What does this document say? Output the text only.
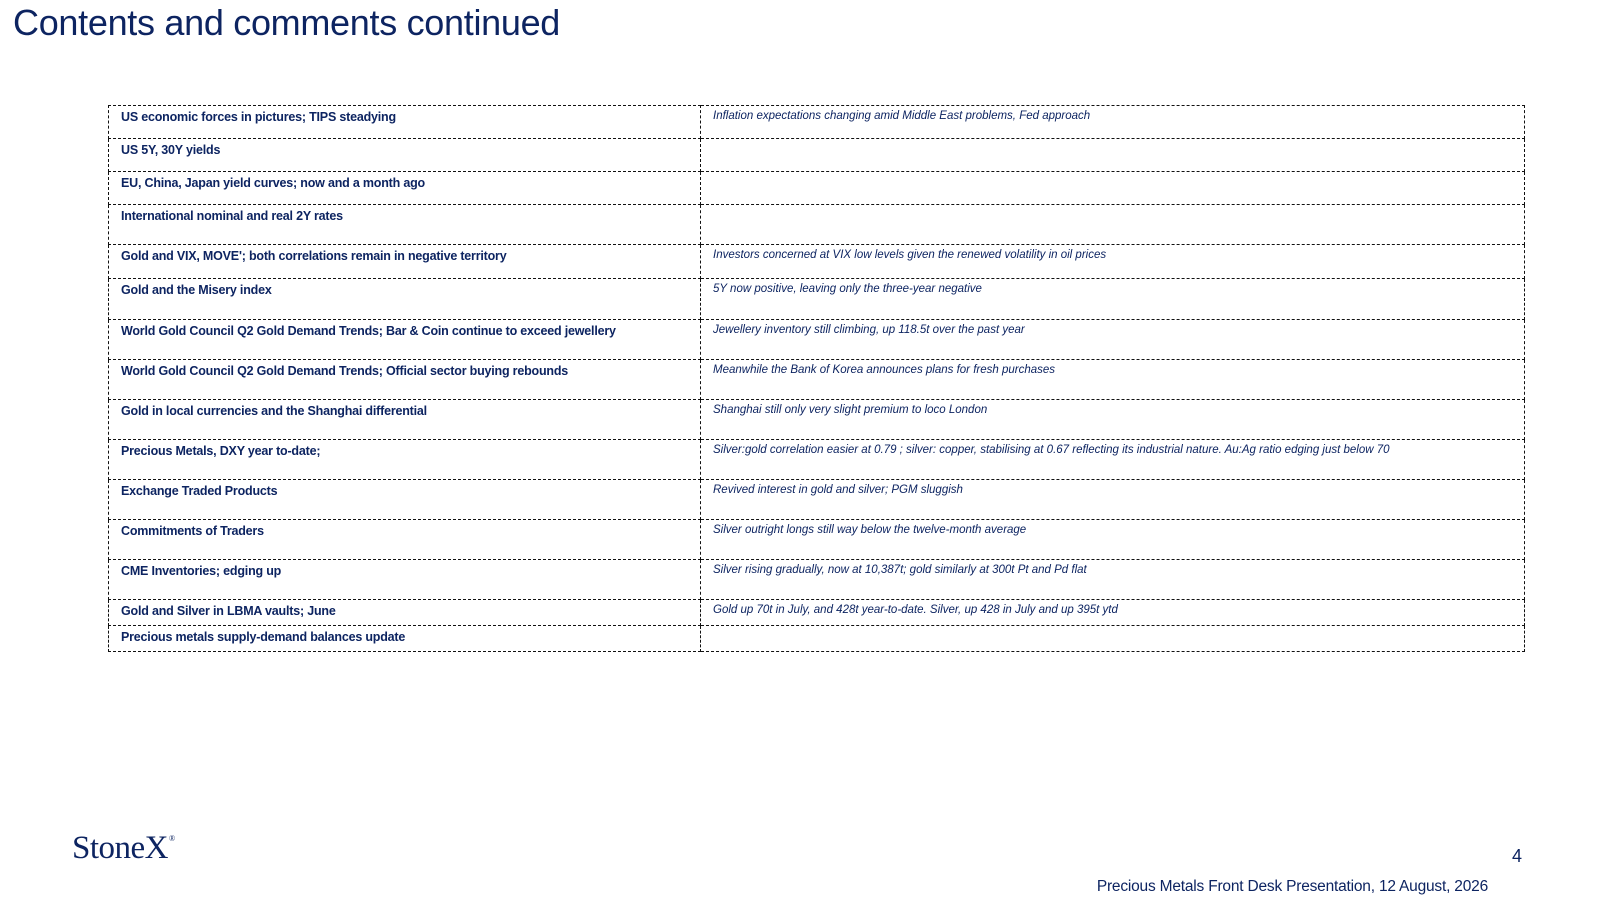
Contents and comments continued
US economic forces in pictures; TIPS steadying	Inflation expectations changing amid Middle East problems, Fed approach
US 5Y, 30Y yields	
EU, China, Japan yield curves; now and a month ago	
International nominal and real 2Y rates	
Gold and VIX, MOVE'; both correlations remain in negative territory	Investors concerned at VIX low levels given the renewed volatility in oil prices
Gold and the Misery index	5Y now positive, leaving only the three-year negative
World Gold Council Q2 Gold Demand Trends; Bar & Coin continue to exceed jewellery	Jewellery inventory still climbing, up 118.5t over the past year
World Gold Council Q2 Gold Demand Trends; Official sector buying rebounds	Meanwhile the Bank of Korea announces plans for fresh purchases
Gold in local currencies and the Shanghai differential	Shanghai still only very slight premium to loco London
Precious Metals, DXY year to-date;	Silver:gold correlation easier at 0.79 ; silver: copper, stabilising at 0.67 reflecting its industrial nature. Au:Ag ratio edging just below 70
Exchange Traded Products	Revived interest in gold and silver; PGM sluggish
Commitments of Traders	Silver outright longs still way below the twelve-month average
CME Inventories; edging up	Silver rising gradually, now at 10,387t; gold similarly at 300t Pt and Pd flat
Gold and Silver in LBMA vaults; June	Gold up 70t in July, and 428t year-to-date. Silver, up 428 in July and up 395t ytd
Precious metals supply-demand balances update	
StoneX®
4
Precious Metals Front Desk Presentation, 12 August, 2026
